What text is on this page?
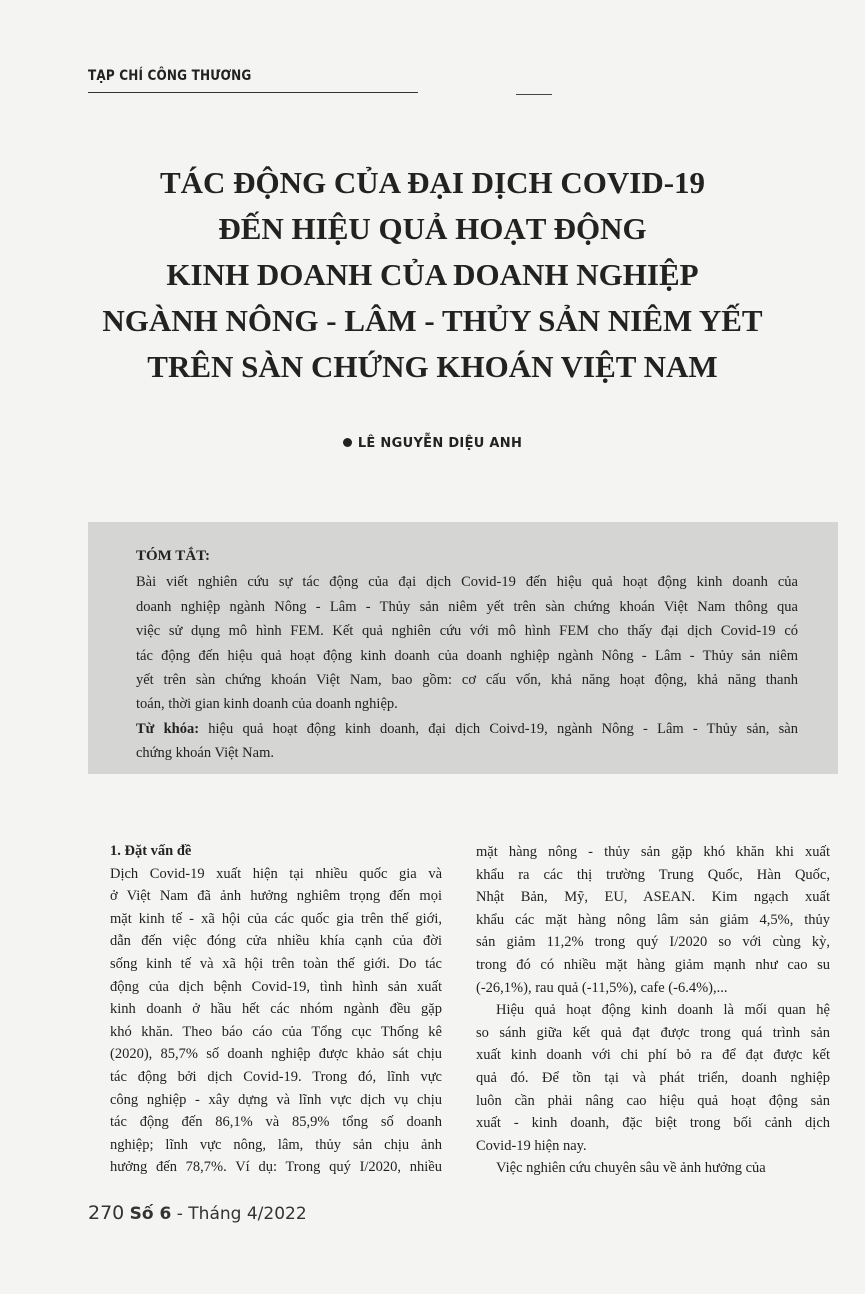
TẠP CHÍ CÔNG THƯƠNG
TÁC ĐỘNG CỦA ĐẠI DỊCH COVID-19
ĐẾN HIỆU QUẢ HOẠT ĐỘNG
KINH DOANH CỦA DOANH NGHIỆP
NGÀNH NÔNG - LÂM - THỦY SẢN NIÊM YẾT
TRÊN SÀN CHỨNG KHOÁN VIỆT NAM
LÊ NGUYỄN DIỆU ANH
TÓM TẮT:
Bài viết nghiên cứu sự tác động của đại dịch Covid-19 đến hiệu quả hoạt động kinh doanh của
doanh nghiệp ngành Nông - Lâm - Thủy sản niêm yết trên sàn chứng khoán Việt Nam thông qua
việc sử dụng mô hình FEM. Kết quả nghiên cứu với mô hình FEM cho thấy đại dịch Covid-19 có
tác động đến hiệu quả hoạt động kinh doanh của doanh nghiệp ngành Nông - Lâm - Thủy sản niêm
yết trên sàn chứng khoán Việt Nam, bao gồm: cơ cấu vốn, khả năng hoạt động, khả năng thanh
toán, thời gian kinh doanh của doanh nghiệp.
Từ khóa: hiệu quả hoạt động kinh doanh, đại dịch Coivd-19, ngành Nông - Lâm - Thủy sản, sàn
chứng khoán Việt Nam.
1. Đặt vấn đề
Dịch Covid-19 xuất hiện tại nhiều quốc gia và
ở Việt Nam đã ảnh hưởng nghiêm trọng đến mọi
mặt kinh tế - xã hội của các quốc gia trên thế giới,
dẫn đến việc đóng cửa nhiều khía cạnh của đời
sống kinh tế và xã hội trên toàn thế giới. Do tác
động của dịch bệnh Covid-19, tình hình sản xuất
kinh doanh ở hầu hết các nhóm ngành đều gặp
khó khăn. Theo báo cáo của Tổng cục Thống kê
(2020), 85,7% số doanh nghiệp được khảo sát chịu
tác động bởi dịch Covid-19. Trong đó, lĩnh vực
công nghiệp - xây dựng và lĩnh vực dịch vụ chịu
tác động đến 86,1% và 85,9% tổng số doanh
nghiệp; lĩnh vực nông, lâm, thủy sản chịu ảnh
hưởng đến 78,7%. Ví dụ: Trong quý I/2020, nhiều
mặt hàng nông - thủy sản gặp khó khăn khi xuất
khẩu ra các thị trường Trung Quốc, Hàn Quốc,
Nhật Bản, Mỹ, EU, ASEAN. Kim ngạch xuất
khẩu các mặt hàng nông lâm sản giảm 4,5%, thủy
sản giảm 11,2% trong quý I/2020 so với cùng kỳ,
trong đó có nhiều mặt hàng giảm mạnh như cao su
(-26,1%), rau quả (-11,5%), cafe (-6.4%),...
Hiệu quả hoạt động kinh doanh là mối quan hệ
so sánh giữa kết quả đạt được trong quá trình sản
xuất kinh doanh với chi phí bỏ ra để đạt được kết
quả đó. Để tồn tại và phát triển, doanh nghiệp
luôn cần phải nâng cao hiệu quả hoạt động sản
xuất - kinh doanh, đặc biệt trong bối cảnh dịch
Covid-19 hiện nay.
Việc nghiên cứu chuyên sâu về ảnh hưởng của
270 Số 6 - Tháng 4/2022
